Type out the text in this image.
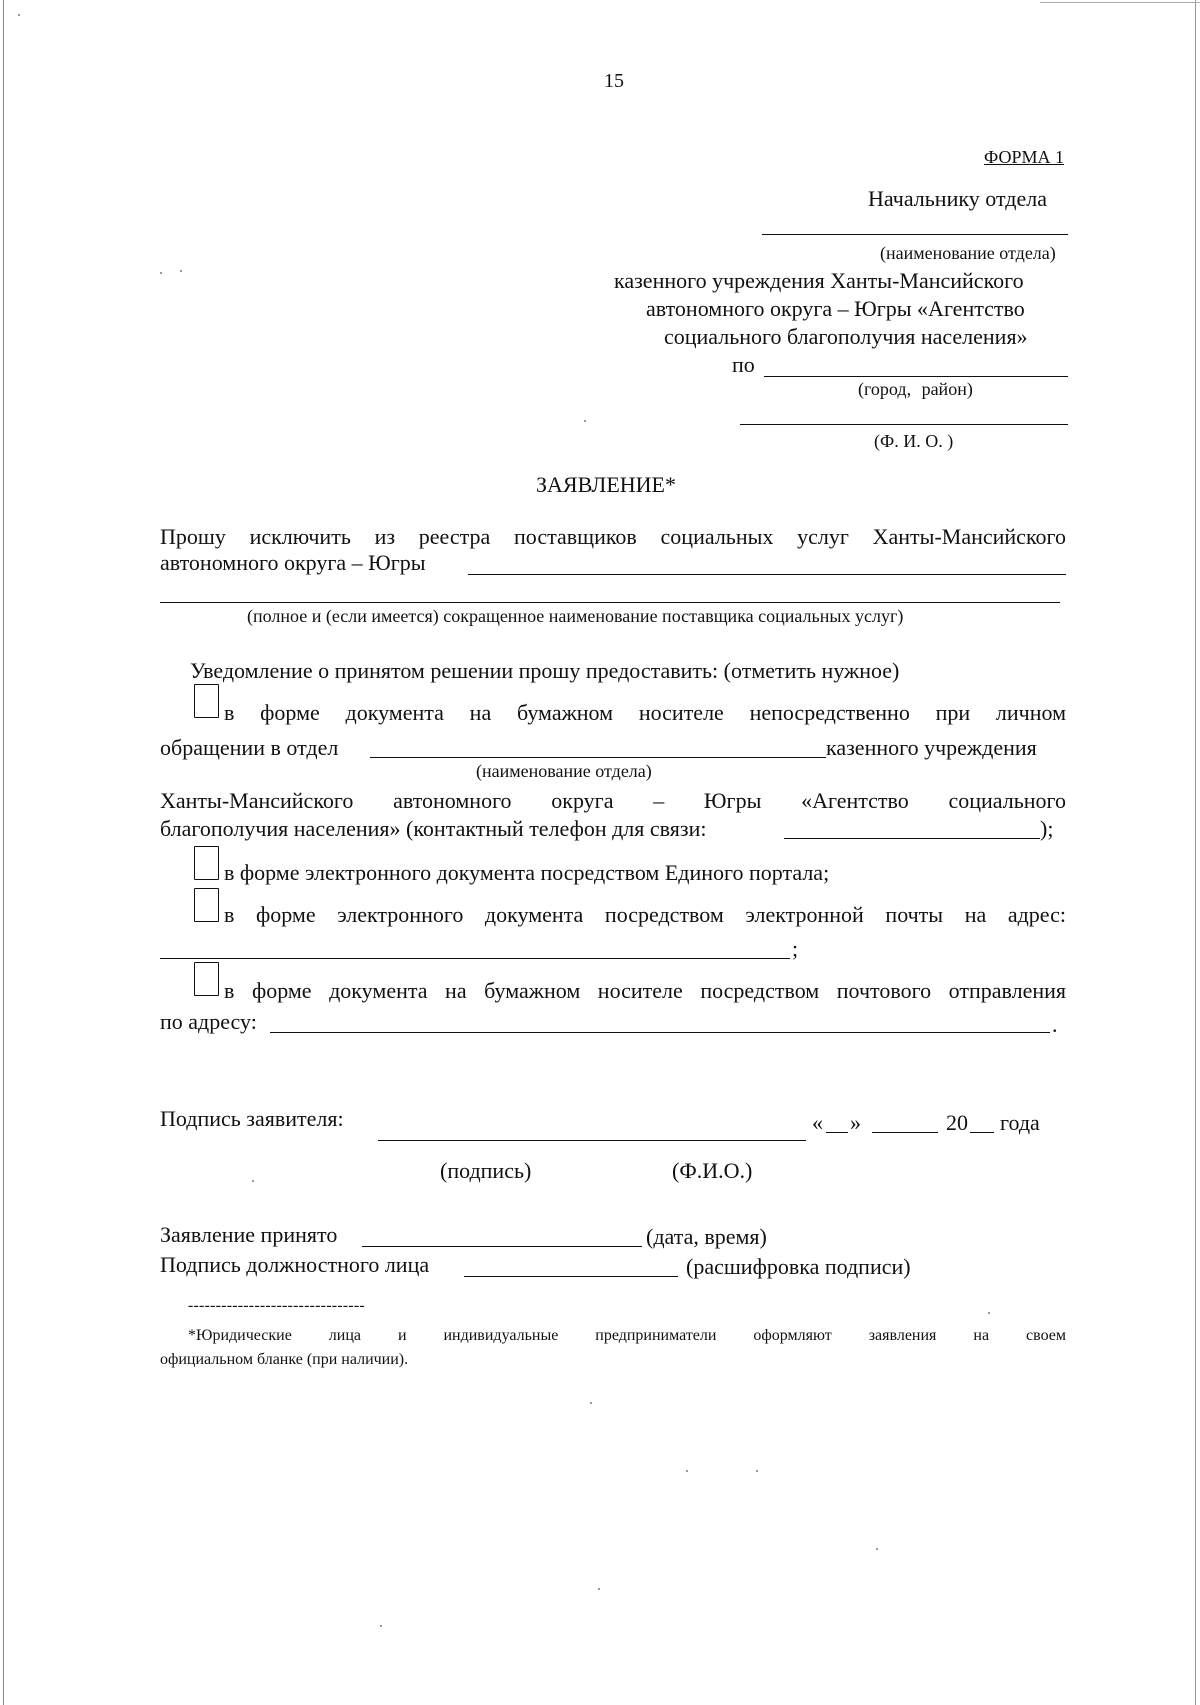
15
ФОРМА 1
Начальнику отдела
(наименование отдела)
казенного учреждения Ханты-Мансийского
автономного округа – Югры «Агентство
социального благополучия населения»
по
(город, район)
(Ф. И. О. )
ЗАЯВЛЕНИЕ*
Прошу исключить из реестра поставщиков социальных услуг Ханты-Мансийского
автономного округа – Югры
(полное и (если имеется) сокращенное наименование поставщика социальных услуг)
Уведомление о принятом решении прошу предоставить: (отметить нужное)
в форме документа на бумажном носителе непосредственно при личном
обращении в отдел	казенного учреждения
(наименование отдела)
Ханты-Мансийского автономного округа – Югры «Агентство социального
благополучия населения» (контактный телефон для связи:	);
в форме электронного документа посредством Единого портала;
в форме электронного документа посредством электронной почты на адрес:
;
в форме документа на бумажном носителе посредством почтового отправления
по адресу:	.
Подпись заявителя:	« »	20 года
(подпись)	(Ф.И.О.)
Заявление принято	(дата, время)
Подпись должностного лица	(расшифровка подписи)
--------------------------------
*Юридические лица и индивидуальные предприниматели оформляют заявления на своем
официальном бланке (при наличии).
